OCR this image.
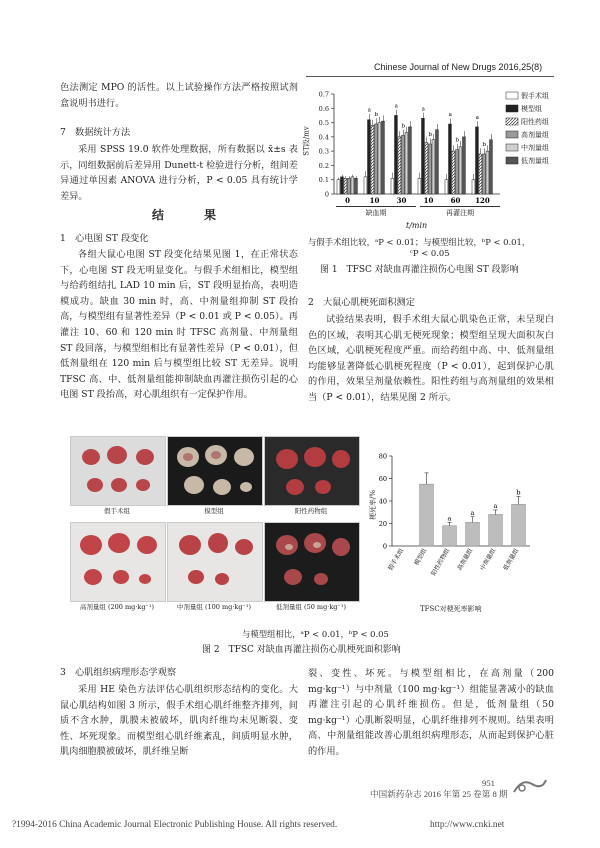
Chinese Journal of New Drugs 2016,25(8)
色法测定 MPO 的活性。以上试验操作方法严格按照试剂盒说明书进行。
7　数据统计方法
采用 SPSS 19.0 软件处理数据，所有数据以 x̄±s 表示，同组数据前后差异用 Dunett-t 检验进行分析，组间差异通过单因素 ANOVA 进行分析，P < 0.05 具有统计学差异。
结　果
1　心电图 ST 段变化
各组大鼠心电图 ST 段变化结果见图 1，在正常状态下，心电图 ST 段无明显变化。与假手术组相比，模型组与给药组结扎 LAD 10 min 后，ST 段明显抬高，表明造模成功。缺血 30 min 时，高、中剂量组抑制 ST 段抬高，与模型组有显著性差异（P < 0.01 或 P < 0.05）。再灌注 10、60 和 120 min 时 TFSC 高剂量、中剂量组 ST 段回落，与模型组相比有显著性差异（P < 0.01），但低剂量组在 120 min 后与模型组比较 ST 无差异。说明 TFSC 高、中、低剂量组能抑制缺血再灌注损伤引起的心电图 ST 段抬高，对心肌组织有一定保护作用。
0
0.1
0.2
0.3
0.4
0.5
0.6
0.7
0	10 30 10 60 120
a
b
a
b
a
b
a
b
a
b
假手术组
模型组
阳性药组
高剂量组
中剂量组
低剂量组
ST段/mv
缺血期	再灌注期
t/min
与假手术组比较，ᵃP < 0.01；与模型组比较，ᵇP < 0.01，
ᶜP < 0.05
图 1　TFSC 对缺血再灌注损伤心电图 ST 段影响
2　大鼠心肌梗死面积测定
试验结果表明，假手术组大鼠心肌染色正常，未呈现白色的区域，表明其心肌无梗死现象；模型组呈现大面积灰白色区域，心肌梗死程度严重。而给药组中高、中、低剂量组均能够显著降低心肌梗死程度（P < 0.01），起到保护心肌的作用，效果呈剂量依赖性。阳性药组与高剂量组的效果相当（P < 0.01），结果见图 2 所示。
假手术组	模型组	阳性药物组
高剂量组 (200 mg·kg⁻¹)	中剂量组 (100 mg·kg⁻¹)	低剂量组 (50 mg·kg⁻¹)
0
20
40
60
80
a
a
a
b
假手术组 模型组 阳性药物组 高剂量组 中剂量组 低剂量组
梗死率/%
TFSC对梗死率影响
与模型组相比，ᵃP < 0.01，ᵇP < 0.05
图 2　TFSC 对缺血再灌注损伤心肌梗死面积影响
3　心肌组织病理形态学观察
采用 HE 染色方法评估心肌组织形态结构的变化。大鼠心肌结构如图 3 所示，假手术组心肌纤维整齐排列，间质不含水肿，肌膜未被破坏，肌肉纤维均未见断裂、变性、坏死现象。而模型组心肌纤维紊乱，间质明显水肿，肌肉细胞膜被破坏，肌纤维呈断
裂、变性、坏死。与模型组相比，在高剂量（200 mg·kg⁻¹）与中剂量（100 mg·kg⁻¹）组能显著减小的缺血再灌注引起的心肌纤维损伤。但是，低剂量组（50 mg·kg⁻¹）心肌断裂明显，心肌纤维排列不规则。结果表明高、中剂量组能改善心肌组织病理形态，从而起到保护心脏的作用。
951
中国新药杂志 2016 年第 25 卷第 8 期
?1994-2016 China Academic Journal Electronic Publishing House. All rights reserved.	http://www.cnki.net
